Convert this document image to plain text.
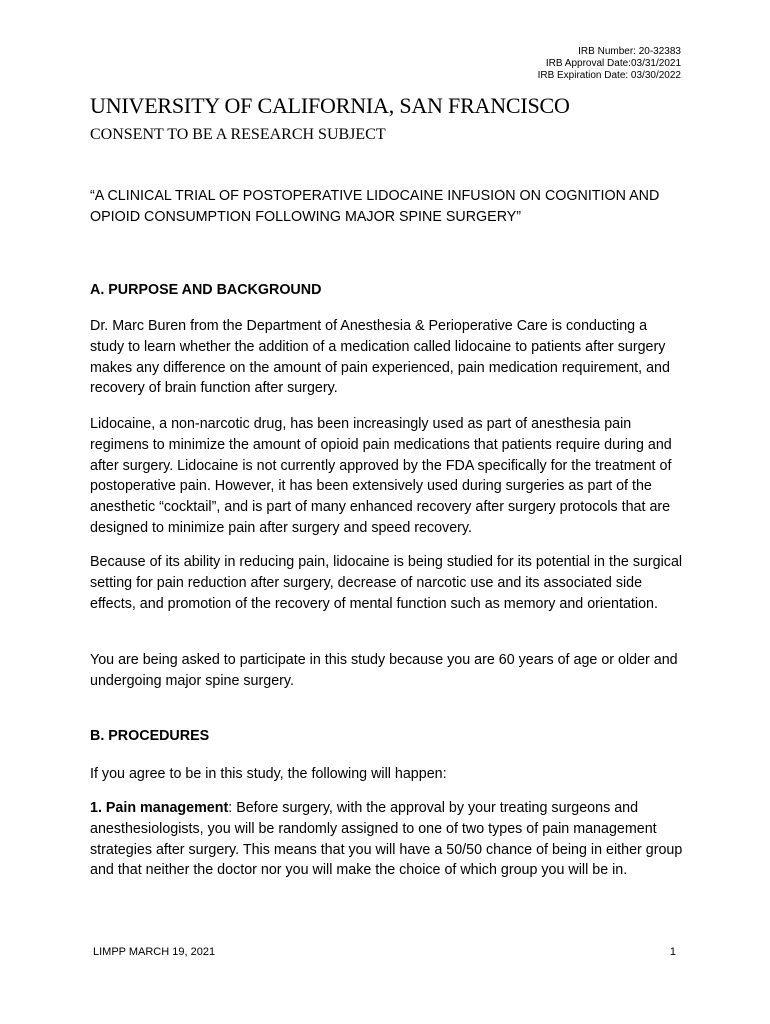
IRB Number: 20-32383
IRB Approval Date:03/31/2021
IRB Expiration Date: 03/30/2022
UNIVERSITY OF CALIFORNIA, SAN FRANCISCO
CONSENT TO BE A RESEARCH SUBJECT
“A CLINICAL TRIAL OF POSTOPERATIVE LIDOCAINE INFUSION ON COGNITION AND OPIOID CONSUMPTION FOLLOWING MAJOR SPINE SURGERY”
A. PURPOSE AND BACKGROUND
Dr. Marc Buren from the Department of Anesthesia & Perioperative Care is conducting a study to learn whether the addition of a medication called lidocaine to patients after surgery makes any difference on the amount of pain experienced, pain medication requirement, and recovery of brain function after surgery.
Lidocaine, a non-narcotic drug, has been increasingly used as part of anesthesia pain regimens to minimize the amount of opioid pain medications that patients require during and after surgery. Lidocaine is not currently approved by the FDA specifically for the treatment of postoperative pain. However, it has been extensively used during surgeries as part of the anesthetic “cocktail”, and is part of many enhanced recovery after surgery protocols that are designed to minimize pain after surgery and speed recovery.
Because of its ability in reducing pain, lidocaine is being studied for its potential in the surgical setting for pain reduction after surgery, decrease of narcotic use and its associated side effects, and promotion of the recovery of mental function such as memory and orientation.
You are being asked to participate in this study because you are 60 years of age or older and undergoing major spine surgery.
B. PROCEDURES
If you agree to be in this study, the following will happen:
1. Pain management: Before surgery, with the approval by your treating surgeons and anesthesiologists, you will be randomly assigned to one of two types of pain management strategies after surgery. This means that you will have a 50/50 chance of being in either group and that neither the doctor nor you will make the choice of which group you will be in.
LIMPP MARCH 19, 2021	1
